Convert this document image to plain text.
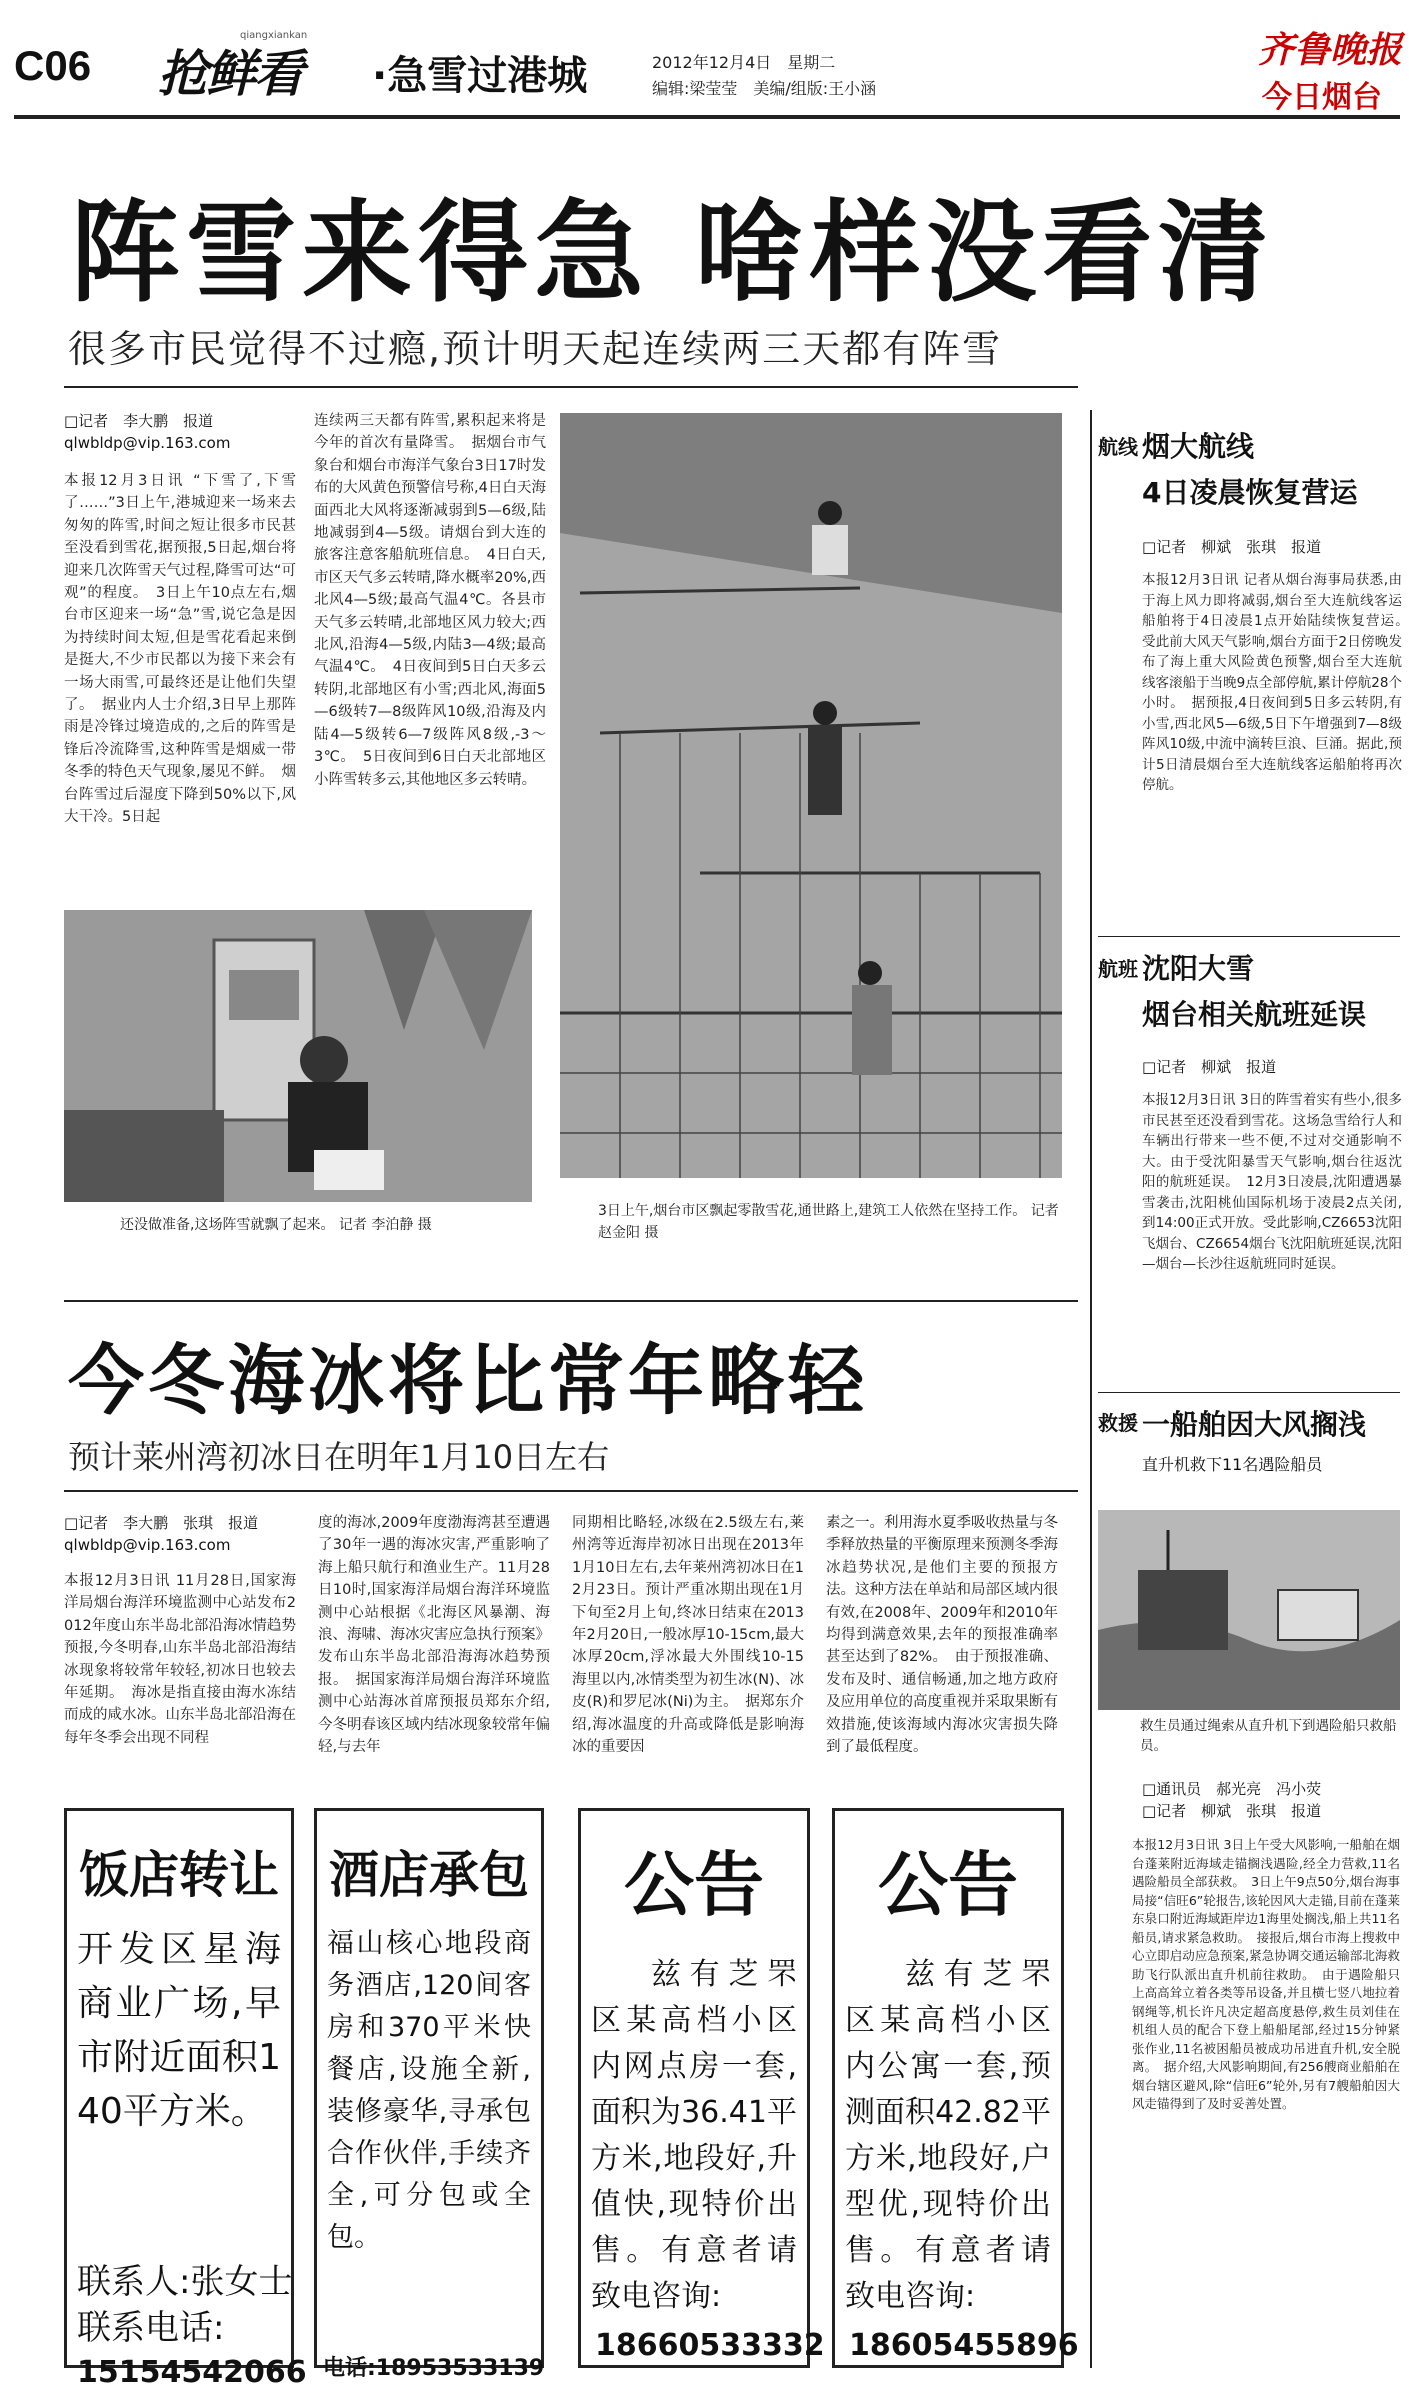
C06 抢鲜看
qiangxiankan
·急雪过港城	2012年12月4日　星期二
编辑:梁莹莹　美编/组版:王小涵
齐鲁晚报
今日烟台
阵雪来得急 啥样没看清
很多市民觉得不过瘾,预计明天起连续两三天都有阵雪
□记者　李大鹏　报道
qlwbldp@vip.163.com

本报12月3日讯 “下雪了,下雪了……”3日上午,港城迎来一场来去匆匆的阵雪,时间之短让很多市民甚至没看到雪花,据预报,5日起,烟台将迎来几次阵雪天气过程,降雪可达“可观”的程度。　3日上午10点左右,烟台市区迎来一场“急”雪,说它急是因为持续时间太短,但是雪花看起来倒是挺大,不少市民都以为接下来会有一场大雨雪,可最终还是让他们失望了。　据业内人士介绍,3日早上那阵雨是冷锋过境造成的,之后的阵雪是锋后冷流降雪,这种阵雪是烟威一带冬季的特色天气现象,屡见不鲜。　烟台阵雪过后湿度下降到50%以下,风大干冷。5日起

连续两三天都有阵雪,累积起来将是今年的首次有量降雪。　据烟台市气象台和烟台市海洋气象台3日17时发布的大风黄色预警信号称,4日白天海面西北大风将逐渐减弱到5—6级,陆地减弱到4—5级。请烟台到大连的旅客注意客船航班信息。　4日白天,市区天气多云转晴,降水概率20%,西北风4—5级;最高气温4℃。各县市天气多云转晴,北部地区风力较大;西北风,沿海4—5级,内陆3—4级;最高气温4℃。　4日夜间到5日白天多云转阴,北部地区有小雪;西北风,海面5—6级转7—8级阵风10级,沿海及内陆4—5级转6—7级阵风8级,-3～3℃。　5日夜间到6日白天北部地区小阵雪转多云,其他地区多云转晴。

还没做准备,这场阵雪就飘了起来。 记者 李泊静 摄
3日上午,烟台市区飘起零散雪花,通世路上,建筑工人依然在坚持工作。 记者 赵金阳 摄
今冬海冰将比常年略轻
预计莱州湾初冰日在明年1月10日左右
□记者　李大鹏　张琪　报道
qlwbldp@vip.163.com

本报12月3日讯 11月28日,国家海洋局烟台海洋环境监测中心站发布2012年度山东半岛北部沿海冰情趋势预报,今冬明春,山东半岛北部沿海结冰现象将较常年较轻,初冰日也较去年延期。　海冰是指直接由海水冻结而成的咸水冰。山东半岛北部沿海在每年冬季会出现不同程

度的海冰,2009年度渤海湾甚至遭遇了30年一遇的海冰灾害,严重影响了海上船只航行和渔业生产。11月28日10时,国家海洋局烟台海洋环境监测中心站根据《北海区风暴潮、海浪、海啸、海冰灾害应急执行预案》发布山东半岛北部沿海海冰趋势预报。　据国家海洋局烟台海洋环境监测中心站海冰首席预报员郑东介绍,今冬明春该区域内结冰现象较常年偏轻,与去年

同期相比略轻,冰级在2.5级左右,莱州湾等近海岸初冰日出现在2013年1月10日左右,去年莱州湾初冰日在12月23日。预计严重冰期出现在1月下旬至2月上旬,终冰日结束在2013年2月20日,一般冰厚10-15cm,最大冰厚20cm,浮冰最大外围线10-15海里以内,冰情类型为初生冰(N)、冰皮(R)和罗尼冰(Ni)为主。　据郑东介绍,海冰温度的升高或降低是影响海冰的重要因

素之一。利用海水夏季吸收热量与冬季释放热量的平衡原理来预测冬季海冰趋势状况,是他们主要的预报方法。这种方法在单站和局部区域内很有效,在2008年、2009年和2010年均得到满意效果,去年的预报准确率甚至达到了82%。　由于预报准确、发布及时、通信畅通,加之地方政府及应用单位的高度重视并采取果断有效措施,使该海域内海冰灾害损失降到了最低程度。

饭店转让
开发区星海商业广场,早市附近面积140平方米。
联系人:张女士
联系电话:
15154542066
酒店承包
福山核心地段商务酒店,120间客房和370平米快餐店,设施全新,装修豪华,寻承包合作伙伴,手续齐全,可分包或全包。
电话:18953533139
公告
兹有芝罘区某高档小区内网点房一套,面积为36.41平方米,地段好,升值快,现特价出售。有意者请致电咨询:
18660533332
公告
兹有芝罘区某高档小区内公寓一套,预测面积42.82平方米,地段好,户型优,现特价出售。有意者请致电咨询:
18605455896
航线 烟大航线
4日凌晨恢复营运
□记者　柳斌　张琪　报道

本报12月3日讯 记者从烟台海事局获悉,由于海上风力即将减弱,烟台至大连航线客运船舶将于4日凌晨1点开始陆续恢复营运。　受此前大风天气影响,烟台方面于2日傍晚发布了海上重大风险黄色预警,烟台至大连航线客滚船于当晚9点全部停航,累计停航28个小时。　据预报,4日夜间到5日多云转阴,有小雪,西北风5—6级,5日下午增强到7—8级阵风10级,中流中滴转巨浪、巨涌。据此,预计5日清晨烟台至大连航线客运船舶将再次停航。

航班 沈阳大雪
烟台相关航班延误
□记者　柳斌　报道

本报12月3日讯 3日的阵雪着实有些小,很多市民甚至还没看到雪花。这场急雪给行人和车辆出行带来一些不便,不过对交通影响不大。由于受沈阳暴雪天气影响,烟台往返沈阳的航班延误。　12月3日凌晨,沈阳遭遇暴雪袭击,沈阳桃仙国际机场于凌晨2点关闭,到14:00正式开放。受此影响,CZ6653沈阳飞烟台、CZ6654烟台飞沈阳航班延误,沈阳—烟台—长沙往返航班同时延误。

救援 一船舶因大风搁浅
直升机救下11名遇险船员
救生员通过绳索从直升机下到遇险船只救船员。
□通讯员　郝光亮　冯小荧
□记者　柳斌　张琪　报道

本报12月3日讯 3日上午受大风影响,一船舶在烟台蓬莱附近海域走锚搁浅遇险,经全力营救,11名遇险船员全部获救。　3日上午9点50分,烟台海事局接“信旺6”轮报告,该轮因风大走锚,目前在蓬莱东泉口附近海域距岸边1海里处搁浅,船上共11名船员,请求紧急救助。　接报后,烟台市海上搜救中心立即启动应急预案,紧急协调交通运输部北海救助飞行队派出直升机前往救助。　由于遇险船只上高高耸立着各类等吊设备,并且横七竖八地拉着钢绳等,机长许凡决定超高度悬停,救生员刘佳在机组人员的配合下登上船船尾部,经过15分钟紧张作业,11名被困船员被成功吊进直升机,安全脱离。　据介绍,大风影响期间,有256艘商业船舶在烟台辖区避风,除“信旺6”轮外,另有7艘船舶因大风走锚得到了及时妥善处置。
